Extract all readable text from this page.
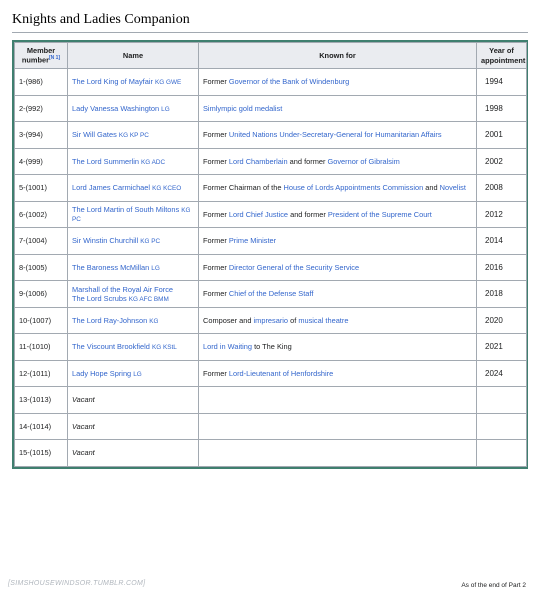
Knights and Ladies Companion
Member
number[N 1]	Name	Known for	Year of
appointment
1-(986)	The Lord King of Mayfair KG GWE	Former Governor of the Bank of Windenburg	1994
2-(992)	Lady Vanessa Washington LG	Simlympic gold medalist	1998
3-(994)	Sir Will Gates KG KP PC	Former United Nations Under-Secretary-General for Humanitarian Affairs	2001
4-(999)	The Lord Summerlin KG ADC	Former Lord Chamberlain and former Governor of Gibralsim	2002
5-(1001)	Lord James Carmichael KG KCEO	Former Chairman of the House of Lords Appointments Commission and Novelist	2008
6-(1002)	The Lord Martin of South Miltons KG PC	Former Lord Chief Justice and former President of the Supreme Court	2012
7-(1004)	Sir Winstin Churchill KG PC	Former Prime Minister	2014
8-(1005)	The Baroness McMillan LG	Former Director General of the Security Service	2016
9-(1006)	Marshall of the Royal Air Force
The Lord Scrubs KG AFC BMM	Former Chief of the Defense Staff	2018
10-(1007)	The Lord Ray-Johnson KG	Composer and impresario of musical theatre	2020
11-(1010)	The Viscount Brookfield KG KStL	Lord in Waiting to The King	2021
12-(1011)	Lady Hope Spring LG	Former Lord-Lieutenant of Henfordshire	2024
13-(1013)	Vacant		
14-(1014)	Vacant		
15-(1015)	Vacant		
[SIMSHOUSEWINDSOR.TUMBLR.COM]	As of the end of Part 2
